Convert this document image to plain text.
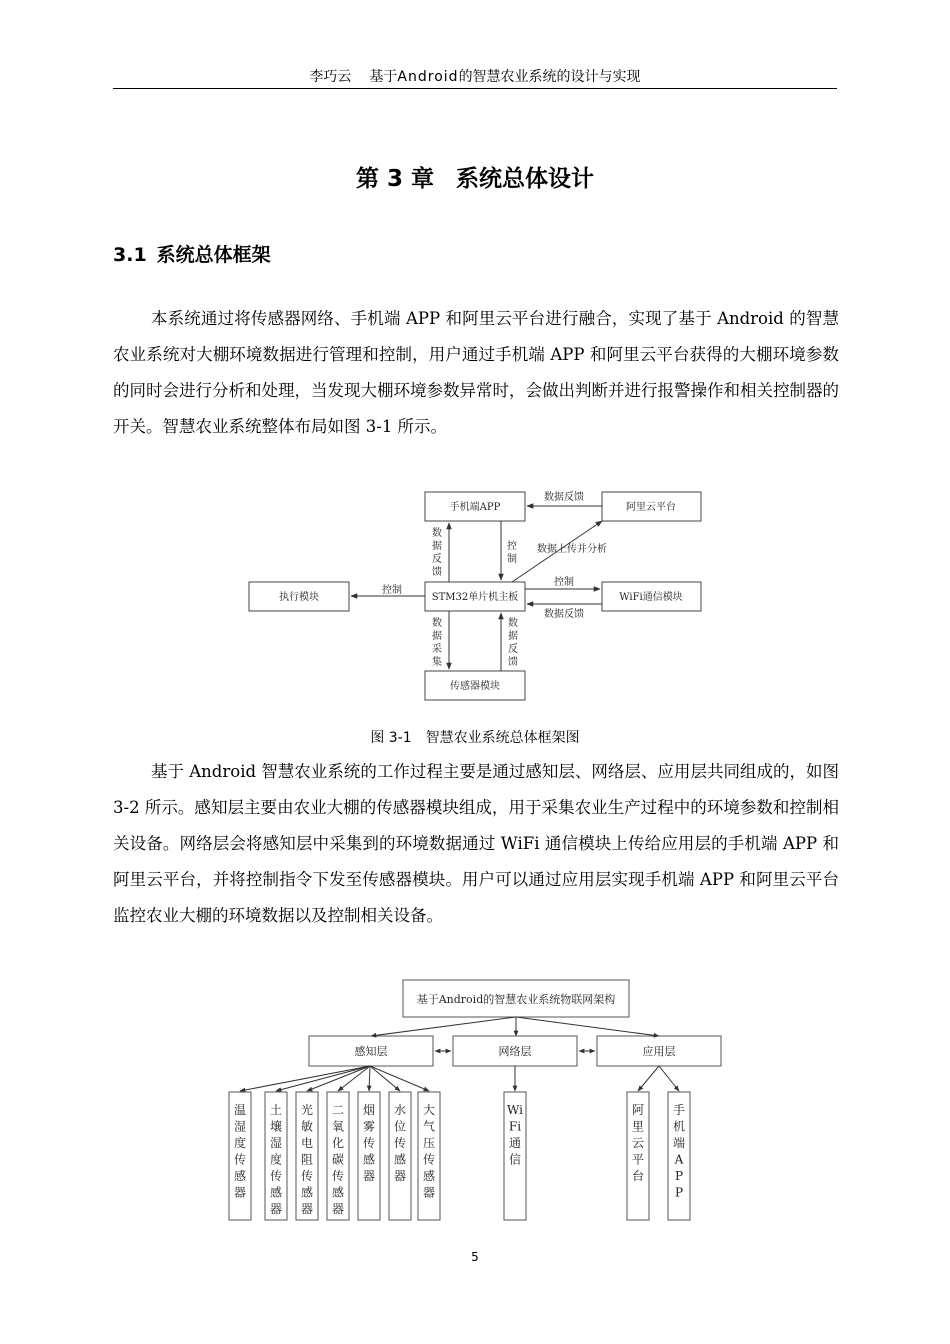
李巧云 基于Android的智慧农业系统的设计与实现
第 3 章 系统总体设计
3.1 系统总体框架

本系统通过将传感器网络、手机端 APP 和阿里云平台进行融合，实现了基于 Android 的智慧农业系统对大棚环境数据进行管理和控制，用户通过手机端 APP 和阿里云平台获得的大棚环境参数的同时会进行分析和处理，当发现大棚环境参数异常时，会做出判断并进行报警操作和相关控制器的开关。智慧农业系统整体布局如图 3-1 所示。

手机端APP	阿里云平台
执行模块	STM32单片机主板	WiFi通信模块
传感器模块
数据反馈
数据上传并分析
控制
控制
数据反馈
数
据
反
馈
控
制
数
据
采
集
数
据
反
馈
图 3-1 智慧农业系统总体框架图

基于 Android 智慧农业系统的工作过程主要是通过感知层、网络层、应用层共同组成的，如图 3-2 所示。感知层主要由农业大棚的传感器模块组成，用于采集农业生产过程中的环境参数和控制相关设备。网络层会将感知层中采集到的环境数据通过 WiFi 通信模块上传给应用层的手机端 APP 和阿里云平台，并将控制指令下发至传感器模块。用户可以通过应用层实现手机端 APP 和阿里云平台监控农业大棚的环境数据以及控制相关设备。

基于Android的智慧农业系统物联网架构
感知层	网络层	应用层
温
湿
度
传
感
器
土
壤
湿
度
传
感
器
光
敏
电
阻
传
感
器
二
氧
化
碳
传
感
器
烟
雾
传
感
器
水
位
传
感
器
大
气
压
传
感
器
Wi
Fi
通
信
阿
里
云
平
台
手
机
端
A
P
P
5
